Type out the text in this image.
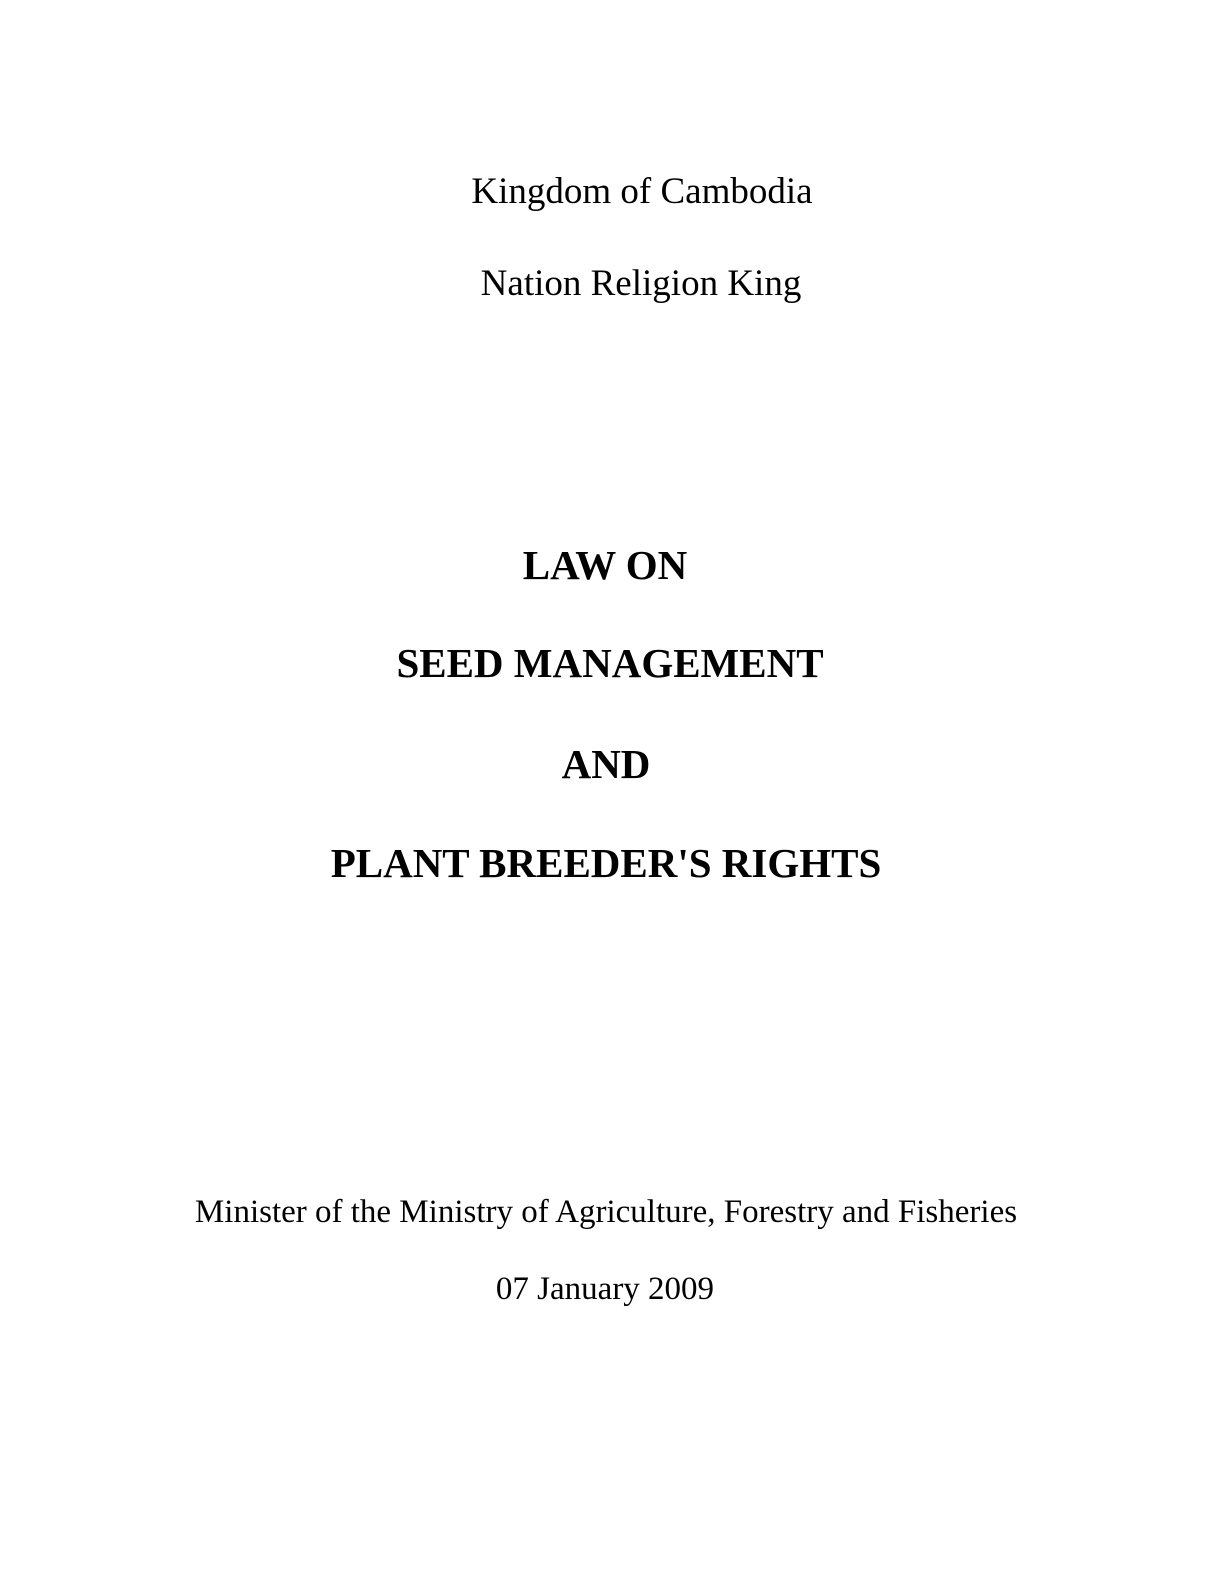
Kingdom of Cambodia
Nation Religion King
LAW ON
SEED MANAGEMENT
AND
PLANT BREEDER'S RIGHTS
Minister of the Ministry of Agriculture, Forestry and Fisheries
07 January 2009
